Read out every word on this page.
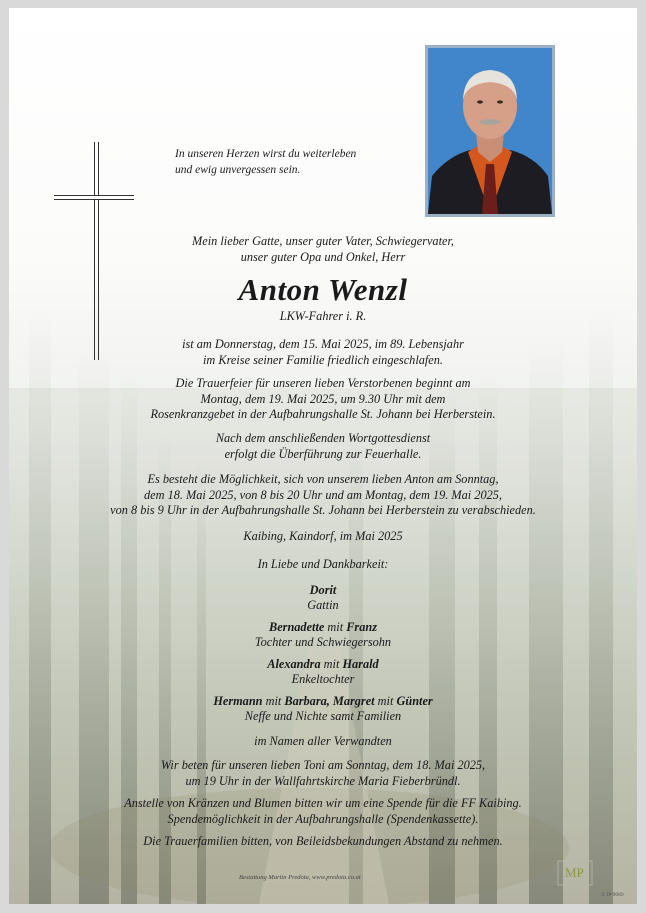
In unseren Herzen wirst du weiterleben
und ewig unvergessen sein.
Mein lieber Gatte, unser guter Vater, Schwiegervater,
unser guter Opa und Onkel, Herr
Anton Wenzl
LKW-Fahrer i. R.
ist am Donnerstag, dem 15. Mai 2025, im 89. Lebensjahr
im Kreise seiner Familie friedlich eingeschlafen.
Die Trauerfeier für unseren lieben Verstorbenen beginnt am
Montag, dem 19. Mai 2025, um 9.30 Uhr mit dem
Rosenkranzgebet in der Aufbahrungshalle St. Johann bei Herberstein.
Nach dem anschließenden Wortgottesdienst
erfolgt die Überführung zur Feuerhalle.
Es besteht die Möglichkeit, sich von unserem lieben Anton am Sonntag,
dem 18. Mai 2025, von 8 bis 20 Uhr und am Montag, dem 19. Mai 2025,
von 8 bis 9 Uhr in der Aufbahrungshalle St. Johann bei Herberstein zu verabschieden.
Kaibing, Kaindorf, im Mai 2025
In Liebe und Dankbarkeit:
Dorit
Gattin
Bernadette mit Franz
Tochter und Schwiegersohn
Alexandra mit Harald
Enkeltochter
Hermann mit Barbara, Margret mit Günter
Neffe und Nichte samt Familien
im Namen aller Verwandten
Wir beten für unseren lieben Toni am Sonntag, dem 18. Mai 2025,
um 19 Uhr in der Wallfahrtskirche Maria Fieberbründl.
Anstelle von Kränzen und Blumen bitten wir um eine Spende für die FF Kaibing.
Spendemöglichkeit in der Aufbahrungshalle (Spendenkassette).
Die Trauerfamilien bitten, von Beileidsbekundungen Abstand zu nehmen.
Bestattung Martin Predota, www.predota.co.at	MP
© IP 9089
